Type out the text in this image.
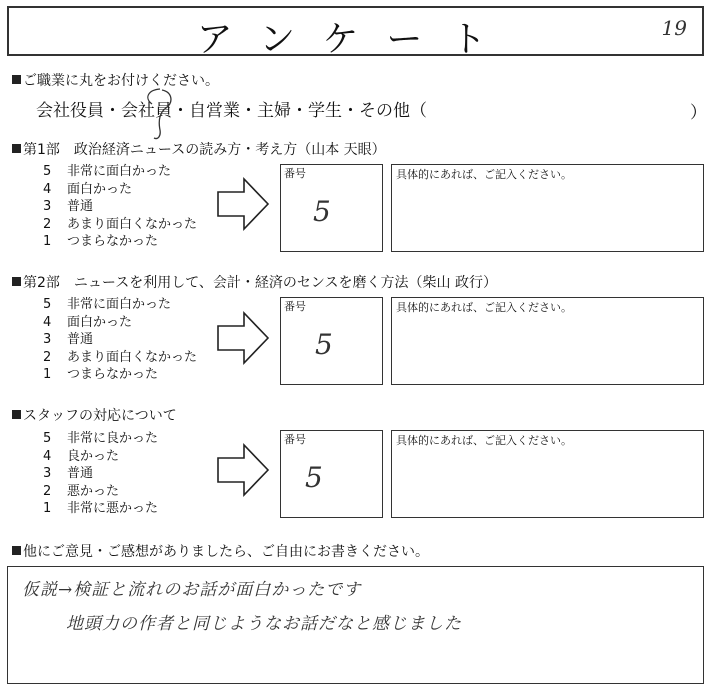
アンケート	19
ご職業に丸をお付けください。
会社役員・会社員・自営業・主婦・学生・その他（	）
第1部　政治経済ニュースの読み方・考え方（山本 天眼）
5 非常に面白かった
4 面白かった
3 普通
2 あまり面白くなかった
1 つまらなかった
番号
5
具体的にあれば、ご記入ください。
第2部　ニュースを利用して、会計・経済のセンスを磨く方法（柴山 政行）
5 非常に面白かった
4 面白かった
3 普通
2 あまり面白くなかった
1 つまらなかった
番号
5
具体的にあれば、ご記入ください。
スタッフの対応について
5 非常に良かった
4 良かった
3 普通
2 悪かった
1 非常に悪かった
番号
5
具体的にあれば、ご記入ください。
他にご意見・ご感想がありましたら、ご自由にお書きください。
仮説→検証と流れのお話が面白かったです
地頭力の作者と同じようなお話だなと感じました
